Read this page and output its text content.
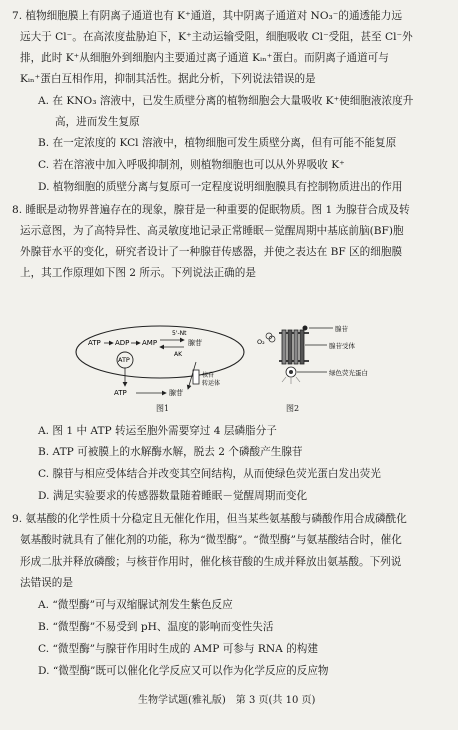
7. 植物细胞膜上有阴离子通道也有 K⁺通道，其中阴离子通道对 NO₃⁻的通透能力远
远大于 Cl⁻。在高浓度盐胁迫下，K⁺主动运输受阻，细胞吸收 Cl⁻受阻，甚至 Cl⁻外
排，此时 K⁺从细胞外到细胞内主要通过离子通道 Kᵢₙ⁺蛋白。而阴离子通道可与
Kᵢₙ⁺蛋白互相作用，抑制其活性。据此分析，下列说法错误的是
A. 在 KNO₃ 溶液中，已发生质壁分离的植物细胞会大量吸收 K⁺使细胞液浓度升
高，进而发生复原
B. 在一定浓度的 KCl 溶液中，植物细胞可发生质壁分离，但有可能不能复原
C. 若在溶液中加入呼吸抑制剂，则植物细胞也可以从外界吸收 K⁺
D. 植物细胞的质壁分离与复原可一定程度说明细胞膜具有控制物质进出的作用
8. 睡眠是动物界普遍存在的现象，腺苷是一种重要的促眠物质。图 1 为腺苷合成及转
运示意图，为了高特异性、高灵敏度地记录正常睡眠－觉醒周期中基底前脑(BF)胞
外腺苷水平的变化，研究者设计了一种腺苷传感器，并使之表达在 BF 区的细胞膜
上，其工作原理如下图 2 所示。下列说法正确的是
ATP ADP AMP
5'-Nt
AK
腺苷
ATP
ATP	腺苷
核苷
转运体
图1
O₂
腺苷
腺苷受体
绿色荧光蛋白
图2
A. 图 1 中 ATP 转运至胞外需要穿过 4 层磷脂分子
B. ATP 可被膜上的水解酶水解，脱去 2 个磷酸产生腺苷
C. 腺苷与相应受体结合并改变其空间结构，从而使绿色荧光蛋白发出荧光
D. 满足实验要求的传感器数量随着睡眠－觉醒周期而变化
9. 氨基酸的化学性质十分稳定且无催化作用，但当某些氨基酸与磷酸作用合成磷酰化
氨基酸时就具有了催化剂的功能，称为“微型酶”。“微型酶”与氨基酸结合时，催化
形成二肽并释放磷酸；与核苷作用时，催化核苷酸的生成并释放出氨基酸。下列说
法错误的是
A. “微型酶”可与双缩脲试剂发生紫色反应
B. “微型酶”不易受到 pH、温度的影响而变性失活
C. “微型酶”与腺苷作用时生成的 AMP 可参与 RNA 的构建
D. “微型酶”既可以催化化学反应又可以作为化学反应的反应物
生物学试题(雅礼版)　第 3 页(共 10 页)
